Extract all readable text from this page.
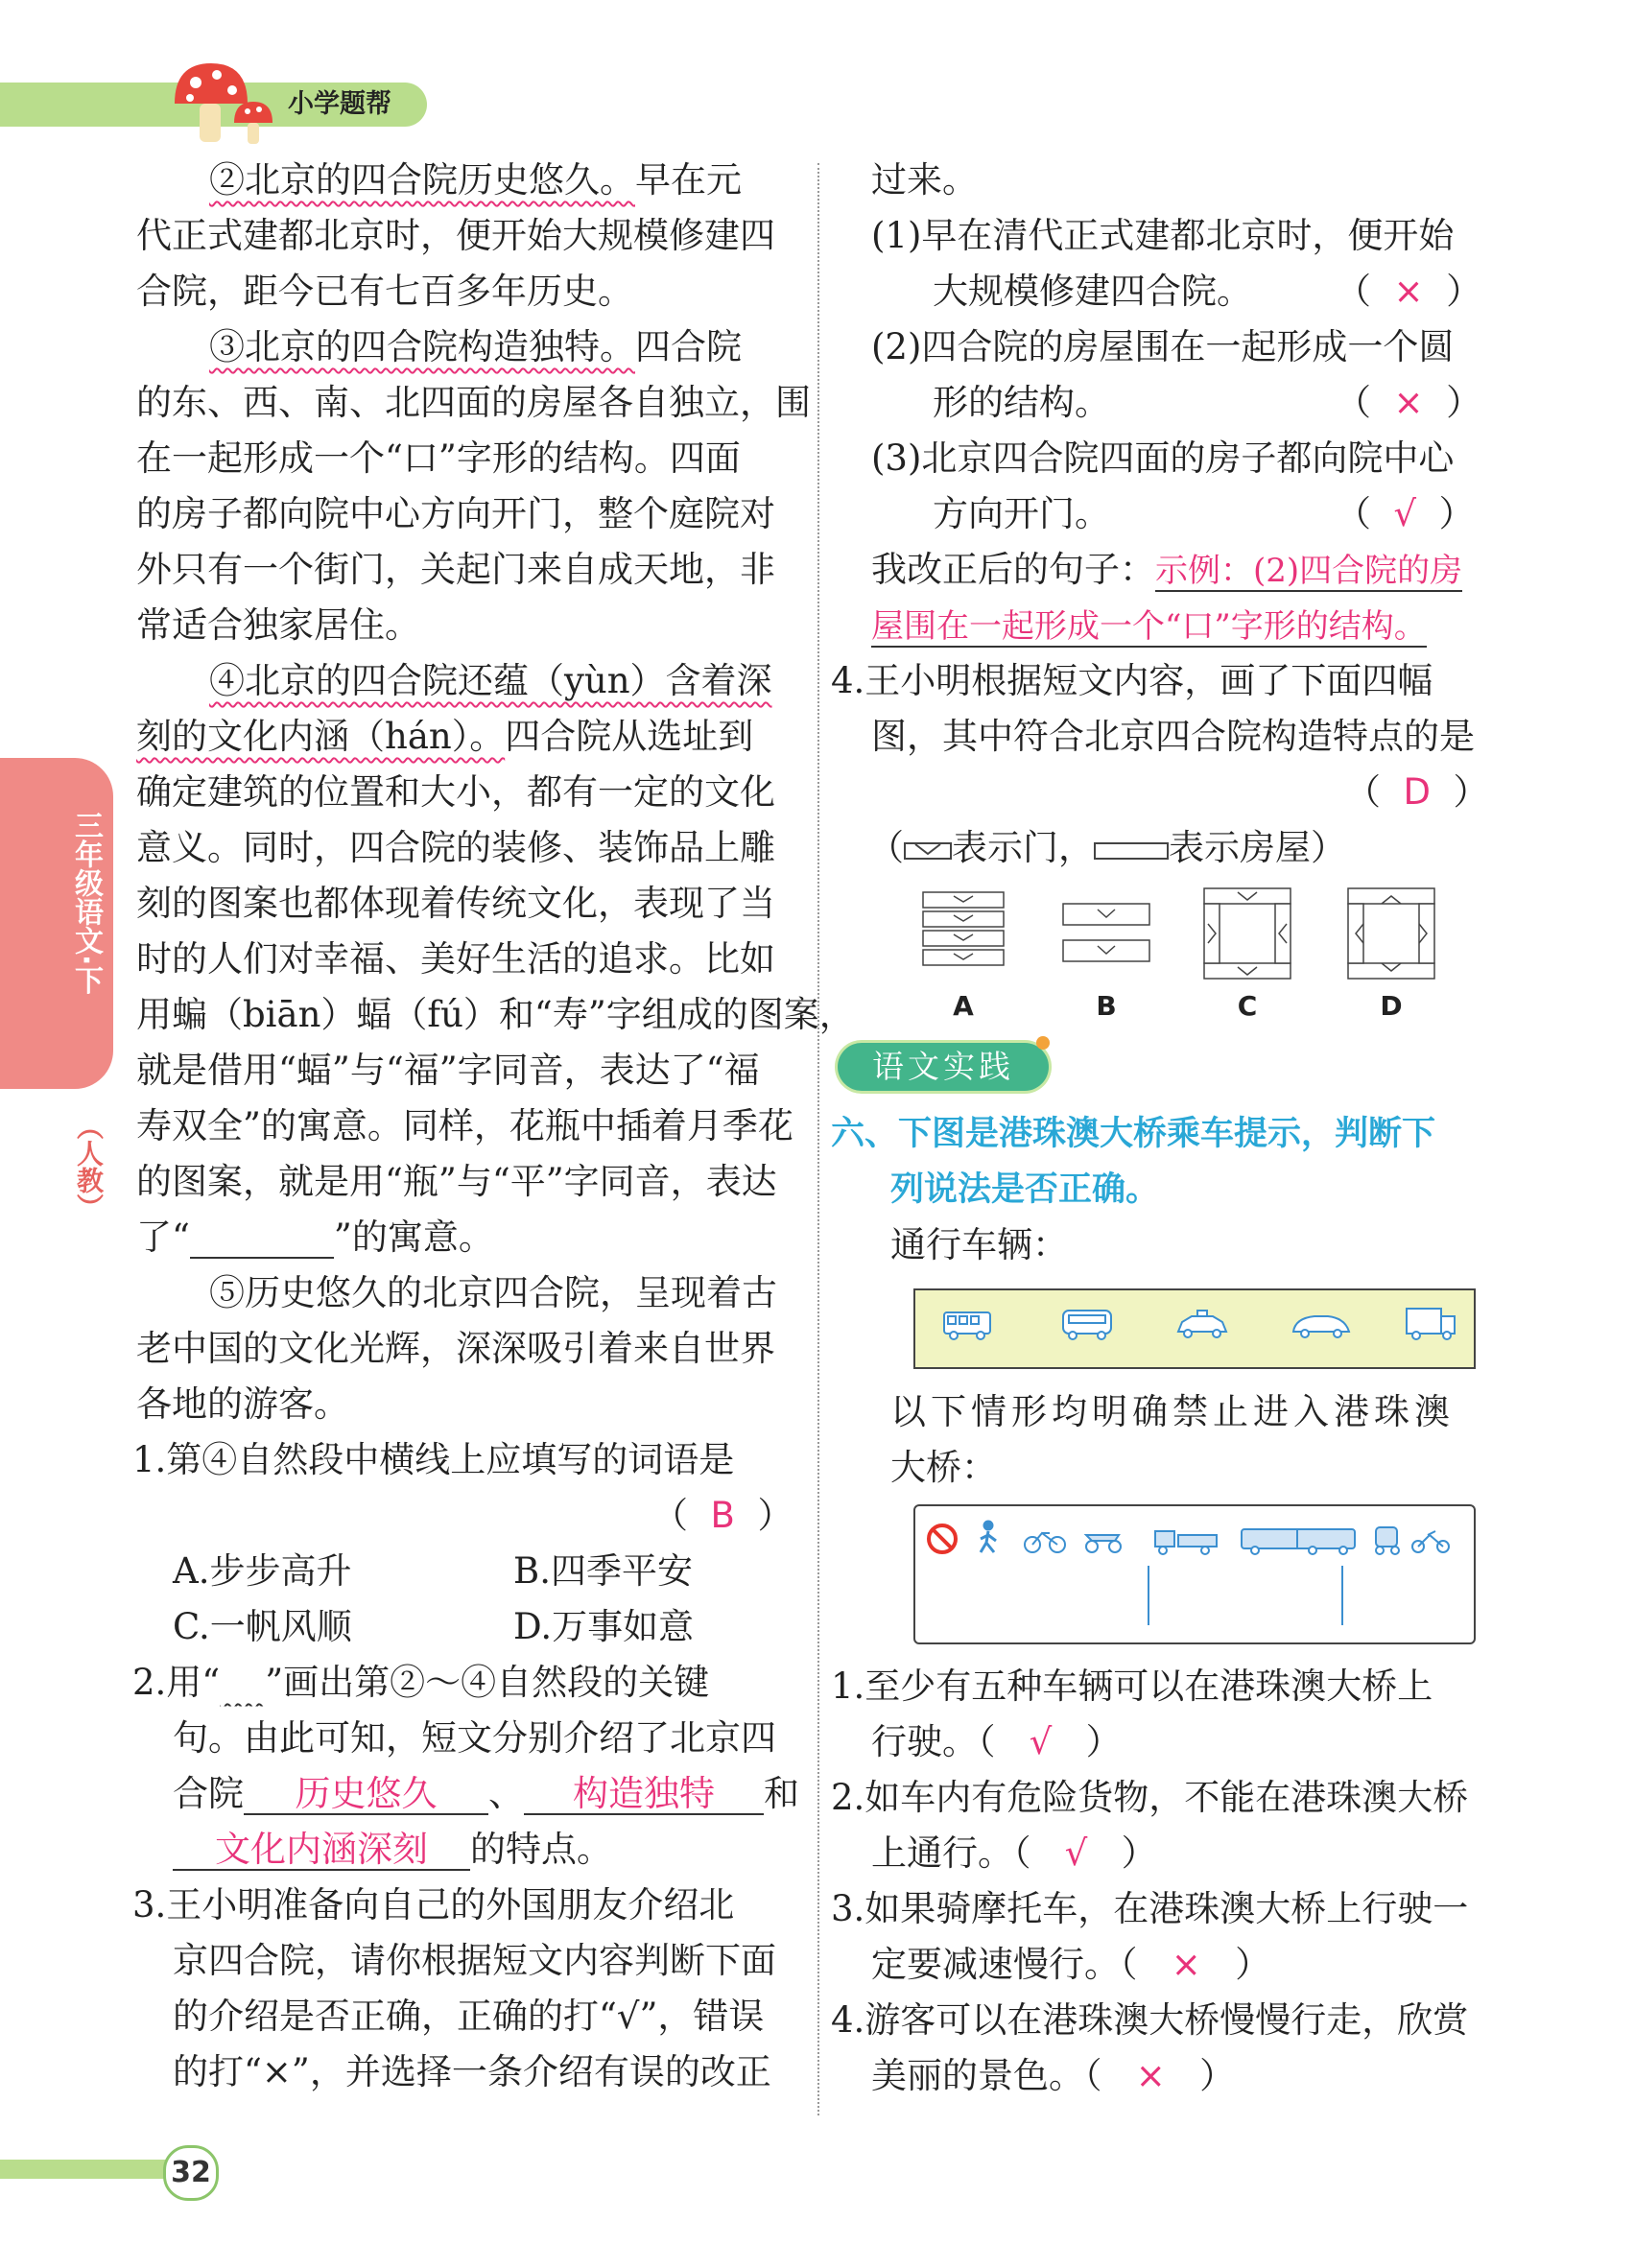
小学题帮
三年级语文·下
（人教）
②北京的四合院历史悠久。早在元
代正式建都北京时，便开始大规模修建四
合院，距今已有七百多年历史。
③北京的四合院构造独特。四合院
的东、西、南、北四面的房屋各自独立，围
在一起形成一个“口”字形的结构。四面
的房子都向院中心方向开门，整个庭院对
外只有一个街门，关起门来自成天地，非
常适合独家居住。
④北京的四合院还蕴（yùn）含着深
刻的文化内涵（hán）。四合院从选址到
确定建筑的位置和大小，都有一定的文化
意义。同时，四合院的装修、装饰品上雕
刻的图案也都体现着传统文化，表现了当
时的人们对幸福、美好生活的追求。比如
用蝙（biān）蝠（fú）和“寿”字组成的图案，
就是借用“蝠”与“福”字同音，表达了“福
寿双全”的寓意。同样，花瓶中插着月季花
的图案，就是用“瓶”与“平”字同音，表达
了“	”的寓意。
⑤历史悠久的北京四合院，呈现着古
老中国的文化光辉，深深吸引着来自世界
各地的游客。
1.第④自然段中横线上应填写的词语是
（  B  ）
A.步步高升	B.四季平安
C.一帆风顺	D.万事如意
2.用“ ”画出第②～④自然段的关键
句。由此可知，短文分别介绍了北京四
合院 历史悠久 、 构造独特 和
文化内涵深刻 的特点。
3.王小明准备向自己的外国朋友介绍北
京四合院，请你根据短文内容判断下面
的介绍是否正确，正确的打“√”，错误
的打“×”，并选择一条介绍有误的改正
32
过来。
(1)早在清代正式建都北京时，便开始
大规模修建四合院。 （  ×  ）
(2)四合院的房屋围在一起形成一个圆
形的结构。	（  ×  ）
(3)北京四合院四面的房子都向院中心
方向开门。	（  √  ）
我改正后的句子：示例：(2)四合院的房
屋围在一起形成一个“口”字形的结构。
4.王小明根据短文内容，画了下面四幅
图，其中符合北京四合院构造特点的是
（  D  ）
（ 表示门， 表示房屋）
A	B	C	D
语文实践
六、下图是港珠澳大桥乘车提示，判断下
列说法是否正确。
通行车辆：
以下情形均明确禁止进入港珠澳
大桥：
1.至少有五种车辆可以在港珠澳大桥上
行驶。（ √ ）
2.如车内有危险货物，不能在港珠澳大桥
上通行。（ √ ）
3.如果骑摩托车，在港珠澳大桥上行驶一
定要减速慢行。（ × ）
4.游客可以在港珠澳大桥慢慢行走，欣赏
美丽的景色。（ × ）
